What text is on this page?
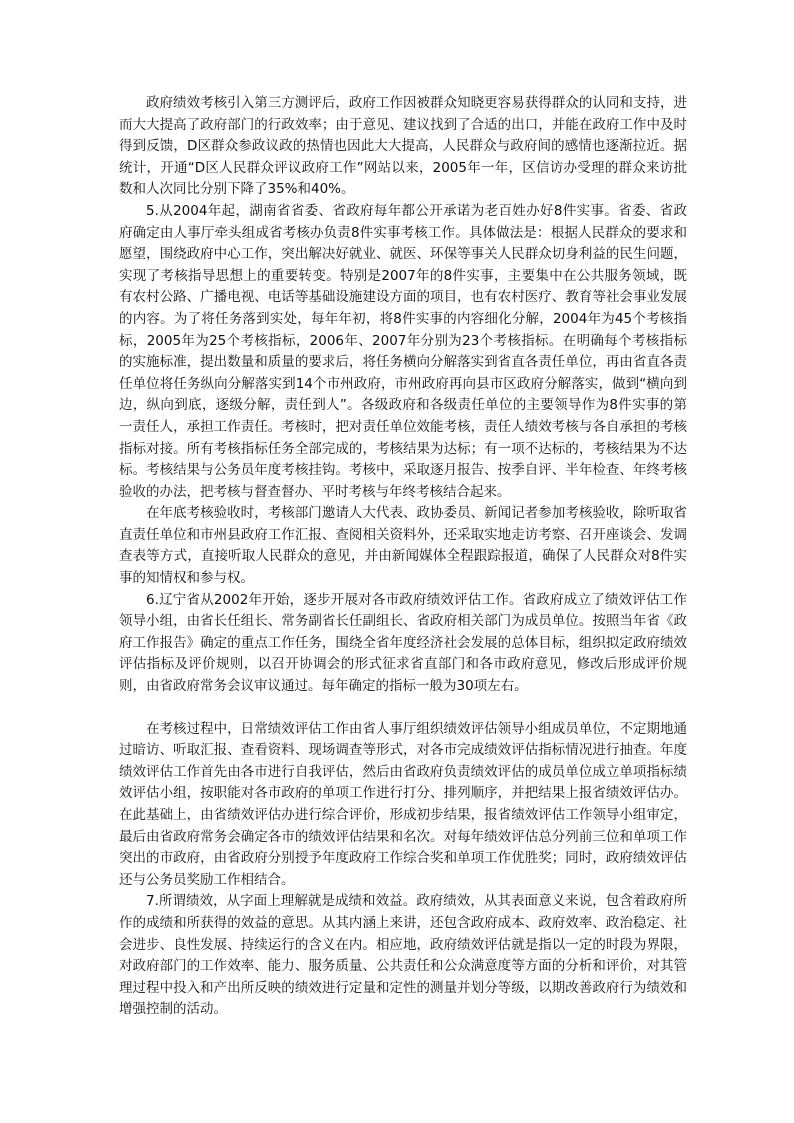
政府绩效考核引入第三方测评后，政府工作因被群众知晓更容易获得群众的认同和支持，进而大大提高了政府部门的行政效率；由于意见、建议找到了合适的出口，并能在政府工作中及时得到反馈，D区群众参政议政的热情也因此大大提高，人民群众与政府间的感情也逐渐拉近。据统计，开通“D区人民群众评议政府工作”网站以来，2005年一年，区信访办受理的群众来访批数和人次同比分别下降了35%和40%。

5.从2004年起，湖南省省委、省政府每年都公开承诺为老百姓办好8件实事。省委、省政府确定由人事厅牵头组成省考核办负责8件实事考核工作。具体做法是：根据人民群众的要求和愿望，围绕政府中心工作，突出解决好就业、就医、环保等事关人民群众切身利益的民生问题，实现了考核指导思想上的重要转变。特别是2007年的8件实事，主要集中在公共服务领域，既有农村公路、广播电视、电话等基础设施建设方面的项目，也有农村医疗、教育等社会事业发展的内容。为了将任务落到实处，每年年初，将8件实事的内容细化分解，2004年为45个考核指标，2005年为25个考核指标，2006年、2007年分别为23个考核指标。在明确每个考核指标的实施标准，提出数量和质量的要求后，将任务横向分解落实到省直各责任单位，再由省直各责任单位将任务纵向分解落实到14个市州政府，市州政府再向县市区政府分解落实，做到“横向到边，纵向到底，逐级分解，责任到人”。各级政府和各级责任单位的主要领导作为8件实事的第一责任人，承担工作责任。考核时，把对责任单位效能考核，责任人绩效考核与各自承担的考核指标对接。所有考核指标任务全部完成的，考核结果为达标；有一项不达标的，考核结果为不达标。考核结果与公务员年度考核挂钩。考核中，采取逐月报告、按季自评、半年检查、年终考核验收的办法，把考核与督查督办、平时考核与年终考核结合起来。

在年底考核验收时，考核部门邀请人大代表、政协委员、新闻记者参加考核验收，除听取省直责任单位和市州县政府工作汇报、查阅相关资料外，还采取实地走访考察、召开座谈会、发调查表等方式，直接听取人民群众的意见，并由新闻媒体全程跟踪报道，确保了人民群众对8件实事的知情权和参与权。

6.辽宁省从2002年开始，逐步开展对各市政府绩效评估工作。省政府成立了绩效评估工作领导小组，由省长任组长、常务副省长任副组长、省政府相关部门为成员单位。按照当年省《政府工作报告》确定的重点工作任务，围绕全省年度经济社会发展的总体目标，组织拟定政府绩效评估指标及评价规则，以召开协调会的形式征求省直部门和各市政府意见，修改后形成评价规则，由省政府常务会议审议通过。每年确定的指标一般为30项左右。

在考核过程中，日常绩效评估工作由省人事厅组织绩效评估领导小组成员单位，不定期地通过暗访、听取汇报、查看资料、现场调查等形式，对各市完成绩效评估指标情况进行抽查。年度绩效评估工作首先由各市进行自我评估，然后由省政府负责绩效评估的成员单位成立单项指标绩效评估小组，按职能对各市政府的单项工作进行打分、排列顺序，并把结果上报省绩效评估办。在此基础上，由省绩效评估办进行综合评价，形成初步结果，报省绩效评估工作领导小组审定，最后由省政府常务会确定各市的绩效评估结果和名次。对每年绩效评估总分列前三位和单项工作突出的市政府，由省政府分别授予年度政府工作综合奖和单项工作优胜奖；同时，政府绩效评估还与公务员奖励工作相结合。

7.所谓绩效，从字面上理解就是成绩和效益。政府绩效，从其表面意义来说，包含着政府所作的成绩和所获得的效益的意思。从其内涵上来讲，还包含政府成本、政府效率、政治稳定、社会进步、良性发展、持续运行的含义在内。相应地，政府绩效评估就是指以一定的时段为界限，对政府部门的工作效率、能力、服务质量、公共责任和公众满意度等方面的分析和评价，对其管理过程中投入和产出所反映的绩效进行定量和定性的测量并划分等级，以期改善政府行为绩效和增强控制的活动。
